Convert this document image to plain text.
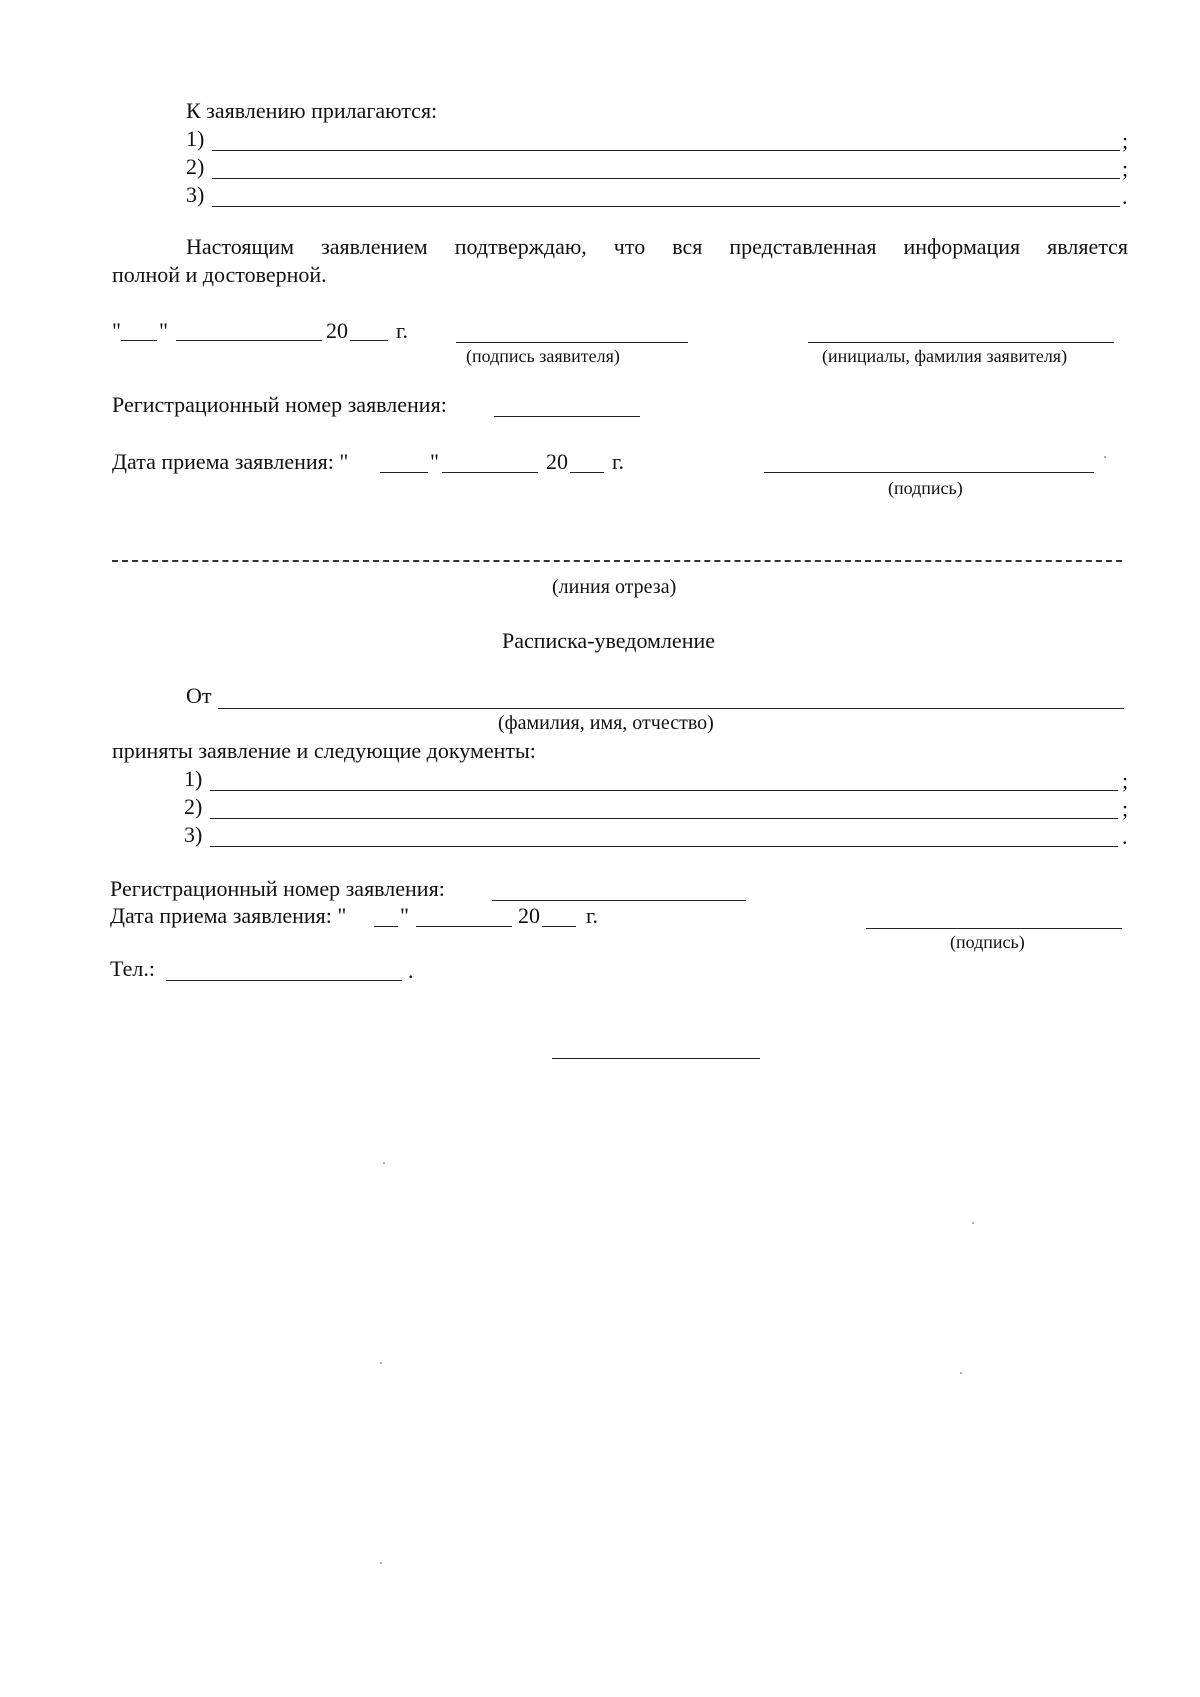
К заявлению прилагаются:
1)	;
2)	;
3)	.
Настоящим заявлением подтверждаю, что вся представленная информация является
полной и достоверной.
" "	20 г.
(подпись заявителя)	(инициалы, фамилия заявителя)
Регистрационный номер заявления:
Дата приема заявления: "	"	20 г.
(подпись)
(линия отреза)
Расписка-уведомление
От
(фамилия, имя, отчество)
приняты заявление и следующие документы:
1)	;
2)	;
3)	.
Регистрационный номер заявления:
Дата приема заявления: " "	20 г.
(подпись)
Тел.:	.
